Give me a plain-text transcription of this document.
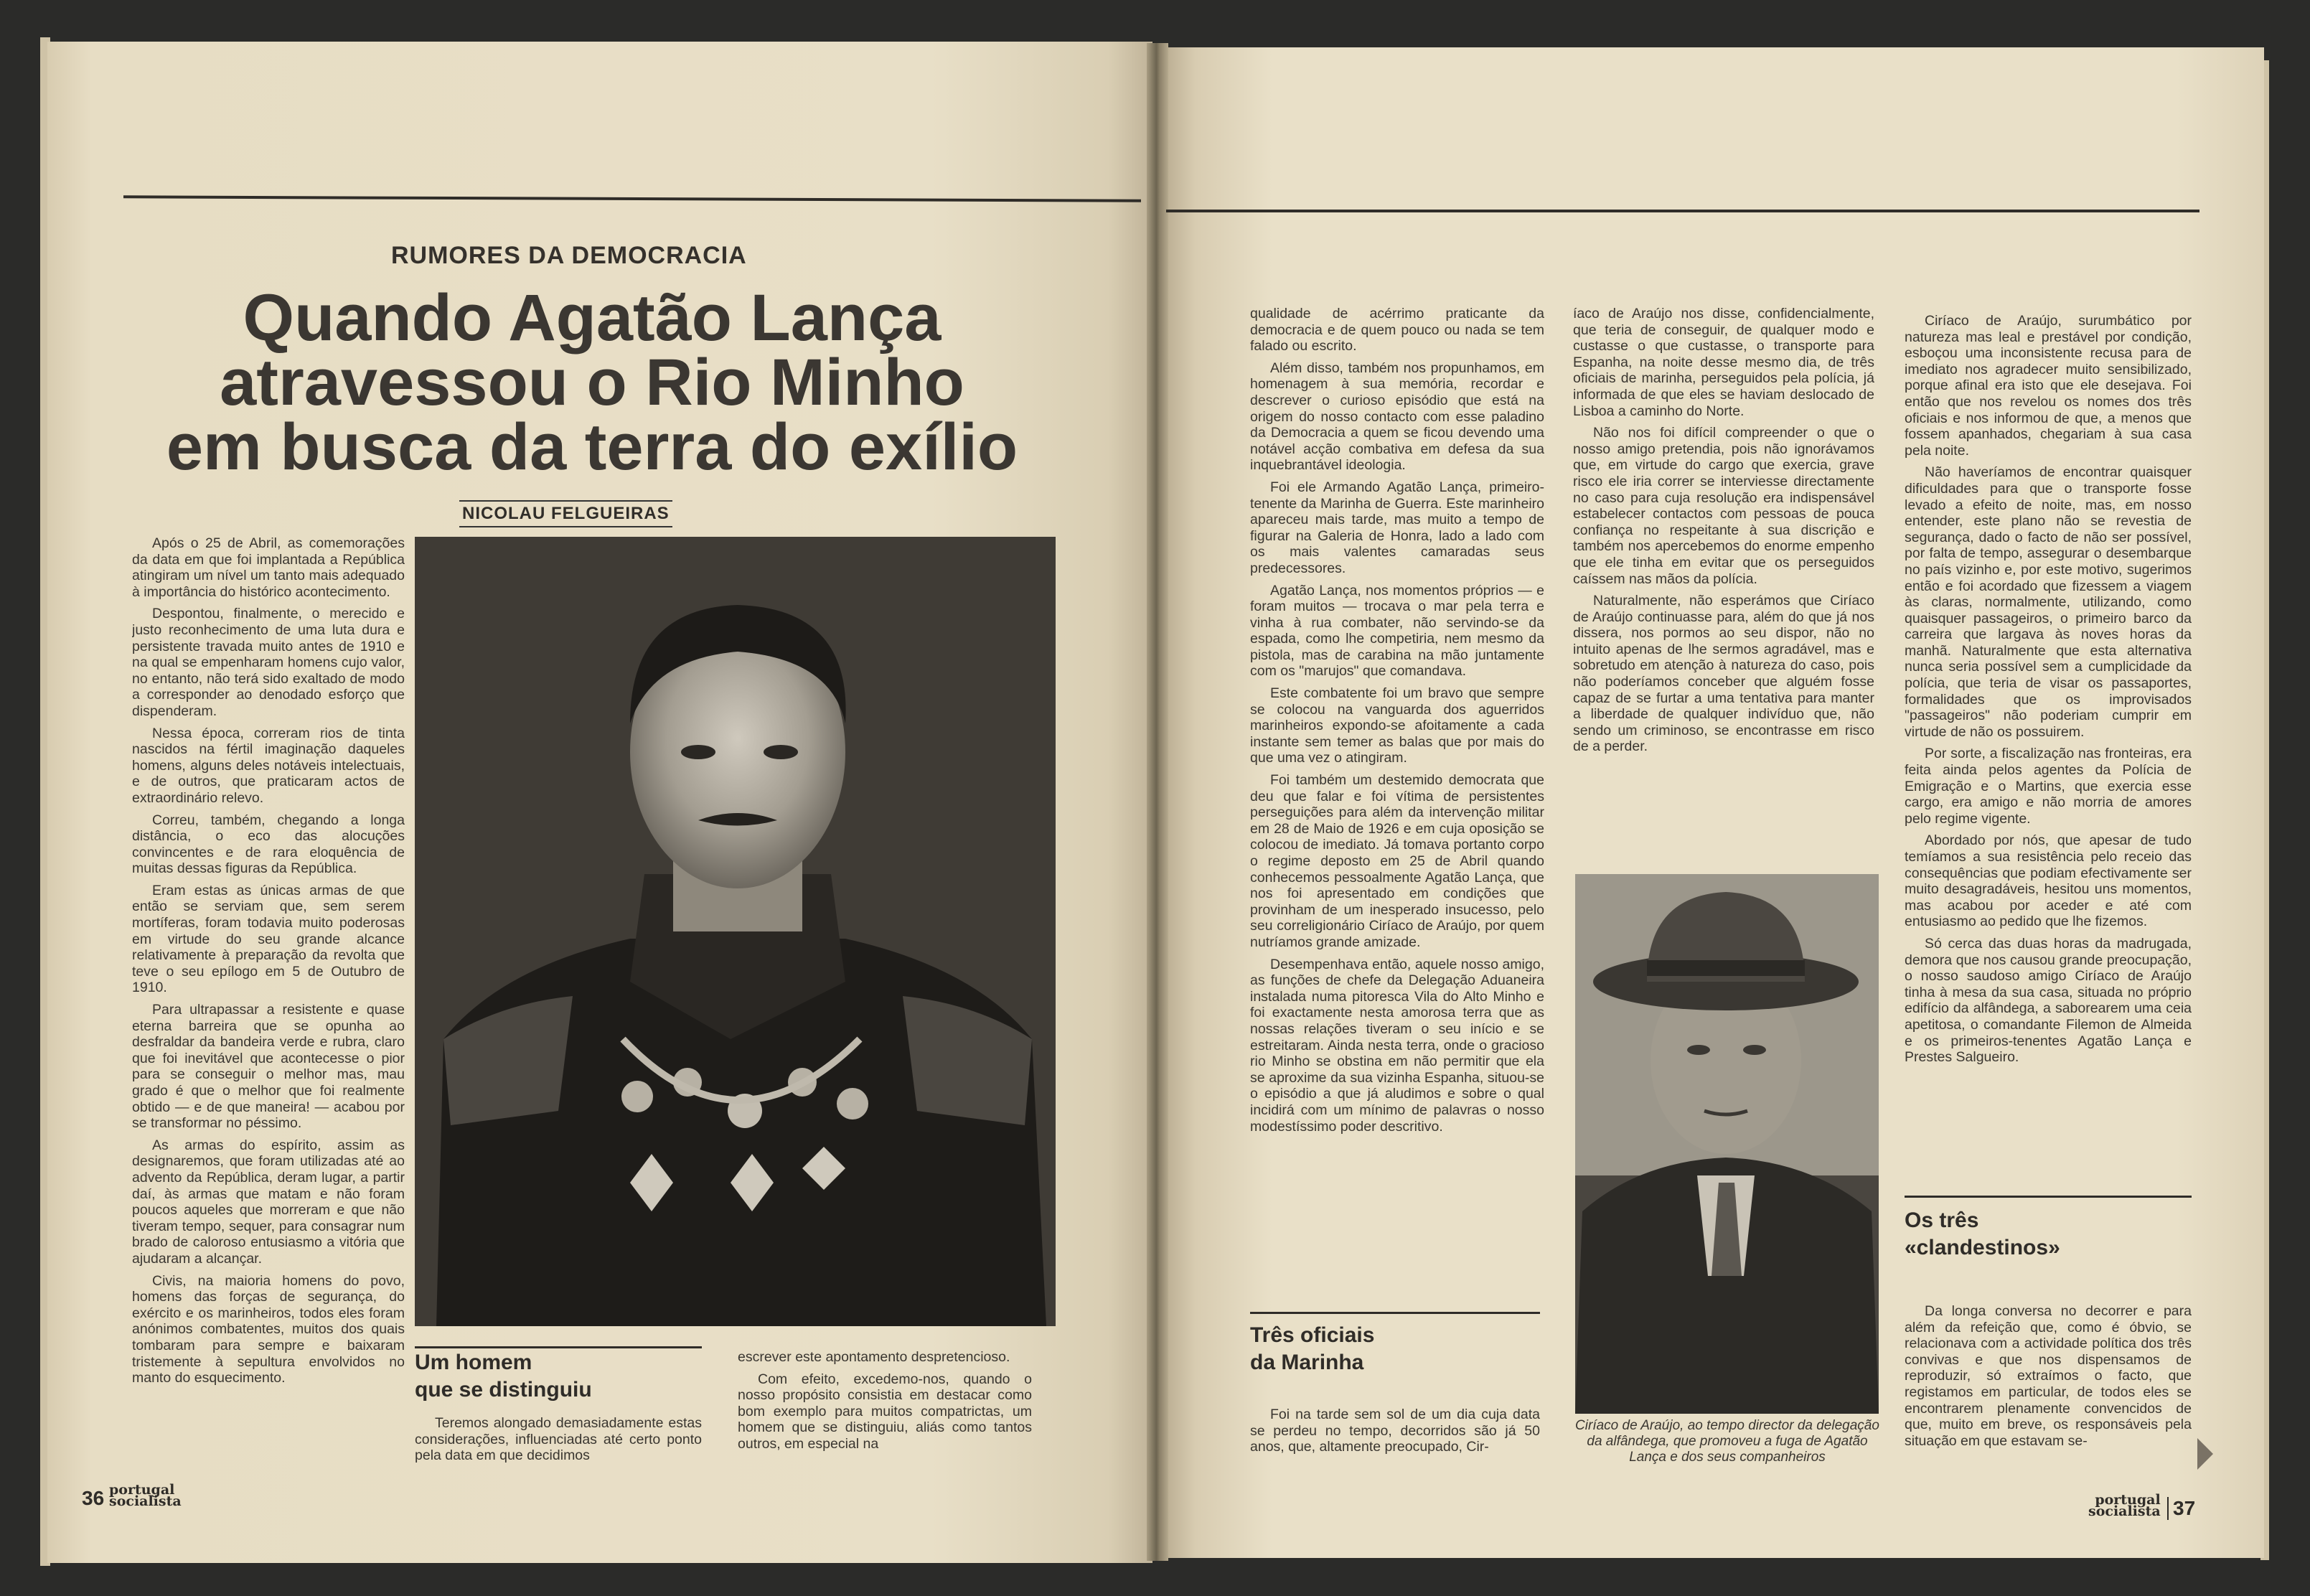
RUMORES DA DEMOCRACIA
Quando Agatão Lança
atravessou o Rio Minho
em busca da terra do exílio
NICOLAU FELGUEIRAS

Após o 25 de Abril, as comemorações da data em que foi implantada a República atingiram um nível um tanto mais adequado à importância do histórico acontecimento.

Despontou, finalmente, o merecido e justo reconhecimento de uma luta dura e persistente travada muito antes de 1910 e na qual se empenharam homens cujo valor, no entanto, não terá sido exaltado de modo a corresponder ao denodado esforço que dispenderam.

Nessa época, correram rios de tinta nascidos na fértil imaginação daqueles homens, alguns deles notáveis intelectuais, e de outros, que praticaram actos de extraordinário relevo.

Correu, também, chegando a longa distância, o eco das alocuções convincentes e de rara eloquência de muitas dessas figuras da República.

Eram estas as únicas armas de que então se serviam que, sem serem mortíferas, foram todavia muito poderosas em virtude do seu grande alcance relativamente à preparação da revolta que teve o seu epílogo em 5 de Outubro de 1910.

Para ultrapassar a resistente e quase eterna barreira que se opunha ao desfraldar da bandeira verde e rubra, claro que foi inevitável que acontecesse o pior para se conseguir o melhor mas, mau grado é que o melhor que foi realmente obtido — e de que maneira! — acabou por se transformar no péssimo.

As armas do espírito, assim as designaremos, que foram utilizadas até ao advento da República, deram lugar, a partir daí, às armas que matam e não foram poucos aqueles que morreram e que não tiveram tempo, sequer, para consagrar num brado de caloroso entusiasmo a vitória que ajudaram a alcançar.

Civis, na maioria homens do povo, homens das forças de segurança, do exército e os marinheiros, todos eles foram anónimos combatentes, muitos dos quais tombaram para sempre e baixaram tristemente à sepultura envolvidos no manto do esquecimento.

Um homem
que se distinguiu

Teremos alongado demasiadamente estas considerações, influenciadas até certo ponto pela data em que decidimos

escrever este apontamento despretencioso.

Com efeito, excedemo-nos, quando o nosso propósito consistia em destacar como bom exemplo para muitos compatrictas, um homem que se distinguiu, aliás como tantos outros, em especial na

36 portugal
socialista

qualidade de acérrimo praticante da democracia e de quem pouco ou nada se tem falado ou escrito.

Além disso, também nos propunhamos, em homenagem à sua memória, recordar e descrever o curioso episódio que está na origem do nosso contacto com esse paladino da Democracia a quem se ficou devendo uma notável acção combativa em defesa da sua inquebrantável ideologia.

Foi ele Armando Agatão Lança, primeiro-tenente da Marinha de Guerra. Este marinheiro apareceu mais tarde, mas muito a tempo de figurar na Galeria de Honra, lado a lado com os mais valentes camaradas seus predecessores.

Agatão Lança, nos momentos próprios — e foram muitos — trocava o mar pela terra e vinha à rua combater, não servindo-se da espada, como lhe competiria, nem mesmo da pistola, mas de carabina na mão juntamente com os "marujos" que comandava.

Este combatente foi um bravo que sempre se colocou na vanguarda dos aguerridos marinheiros expondo-se afoitamente a cada instante sem temer as balas que por mais do que uma vez o atingiram.

Foi também um destemido democrata que deu que falar e foi vítima de persistentes perseguições para além da intervenção militar em 28 de Maio de 1926 e em cuja oposição se colocou de imediato. Já tomava portanto corpo o regime deposto em 25 de Abril quando conhecemos pessoalmente Agatão Lança, que nos foi apresentado em condições que provinham de um inesperado insucesso, pelo seu correligionário Ciríaco de Araújo, por quem nutríamos grande amizade.

Desempenhava então, aquele nosso amigo, as funções de chefe da Delegação Aduaneira instalada numa pitoresca Vila do Alto Minho e foi exactamente nesta amorosa terra que as nossas relações tiveram o seu início e se estreitaram. Ainda nesta terra, onde o gracioso rio Minho se obstina em não permitir que ela se aproxime da sua vizinha Espanha, situou-se o episódio a que já aludimos e sobre o qual incidirá com um mínimo de palavras o nosso modestíssimo poder descritivo.

Três oficiais
da Marinha

Foi na tarde sem sol de um dia cuja data se perdeu no tempo, decorridos são já 50 anos, que, altamente preocupado, Cir-

íaco de Araújo nos disse, confidencialmente, que teria de conseguir, de qualquer modo e custasse o que custasse, o transporte para Espanha, na noite desse mesmo dia, de três oficiais de marinha, perseguidos pela polícia, já informada de que eles se haviam deslocado de Lisboa a caminho do Norte.

Não nos foi difícil compreender o que o nosso amigo pretendia, pois não ignorávamos que, em virtude do cargo que exercia, grave risco ele iria correr se interviesse directamente no caso para cuja resolução era indispensável estabelecer contactos com pessoas de pouca confiança no respeitante à sua discrição e também nos apercebemos do enorme empenho que ele tinha em evitar que os perseguidos caíssem nas mãos da polícia.

Naturalmente, não esperámos que Ciríaco de Araújo continuasse para, além do que já nos dissera, nos pormos ao seu dispor, não no intuito apenas de lhe sermos agradável, mas e sobretudo em atenção à natureza do caso, pois não poderíamos conceber que alguém fosse capaz de se furtar a uma tentativa para manter a liberdade de qualquer indivíduo que, não sendo um criminoso, se encontrasse em risco de a perder.

Ciríaco de Araújo, ao tempo director da delegação da alfândega, que promoveu a fuga de Agatão Lança e dos seus companheiros

Ciríaco de Araújo, surumbático por natureza mas leal e prestável por condição, esboçou uma inconsistente recusa para de imediato nos agradecer muito sensibilizado, porque afinal era isto que ele desejava. Foi então que nos revelou os nomes dos três oficiais e nos informou de que, a menos que fossem apanhados, chegariam à sua casa pela noite.

Não haveríamos de encontrar quaisquer dificuldades para que o transporte fosse levado a efeito de noite, mas, em nosso entender, este plano não se revestia de segurança, dado o facto de não ser possível, por falta de tempo, assegurar o desembarque no país vizinho e, por este motivo, sugerimos então e foi acordado que fizessem a viagem às claras, normalmente, utilizando, como quaisquer passageiros, o primeiro barco da carreira que largava às noves horas da manhã. Naturalmente que esta alternativa nunca seria possível sem a cumplicidade da polícia, que teria de visar os passaportes, formalidades que os improvisados "passageiros" não poderiam cumprir em virtude de não os possuirem.

Por sorte, a fiscalização nas fronteiras, era feita ainda pelos agentes da Polícia de Emigração e o Martins, que exercia esse cargo, era amigo e não morria de amores pelo regime vigente.

Abordado por nós, que apesar de tudo temíamos a sua resistência pelo receio das consequências que podiam efectivamente ser muito desagradáveis, hesitou uns momentos, mas acabou por aceder e até com entusiasmo ao pedido que lhe fizemos.

Só cerca das duas horas da madrugada, demora que nos causou grande preocupação, o nosso saudoso amigo Ciríaco de Araújo tinha à mesa da sua casa, situada no próprio edifício da alfândega, a saborearem uma ceia apetitosa, o comandante Filemon de Almeida e os primeiros-tenentes Agatão Lança e Prestes Salgueiro.

Os três
«clandestinos»

Da longa conversa no decorrer e para além da refeição que, como é óbvio, se relacionava com a actividade política dos três convivas e que nos dispensamos de reproduzir, só extraímos o facto, que registamos em particular, de todos eles se encontrarem plenamente convencidos de que, muito em breve, os responsáveis pela situação em que estavam se-

portugal
socialista 37
